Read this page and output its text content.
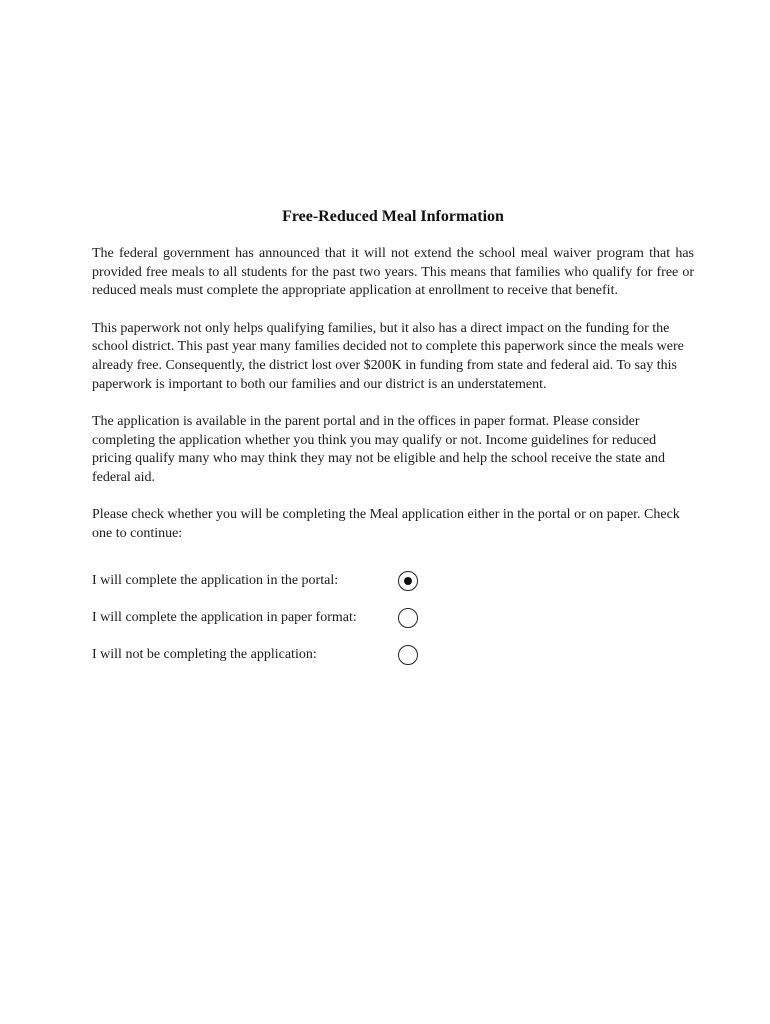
Free-Reduced Meal Information

The federal government has announced that it will not extend the school meal waiver program that has provided free meals to all students for the past two years. This means that families who qualify for free or reduced meals must complete the appropriate application at enrollment to receive that benefit.

This paperwork not only helps qualifying families, but it also has a direct impact on the funding for the school district. This past year many families decided not to complete this paperwork since the meals were already free. Consequently, the district lost over $200K in funding from state and federal aid. To say this paperwork is important to both our families and our district is an understatement.

The application is available in the parent portal and in the offices in paper format. Please consider completing the application whether you think you may qualify or not. Income guidelines for reduced pricing qualify many who may think they may not be eligible and help the school receive the state and federal aid.

Please check whether you will be completing the Meal application either in the portal or on paper. Check one to continue:

I will complete the application in the portal:
I will complete the application in paper format:
I will not be completing the application:
